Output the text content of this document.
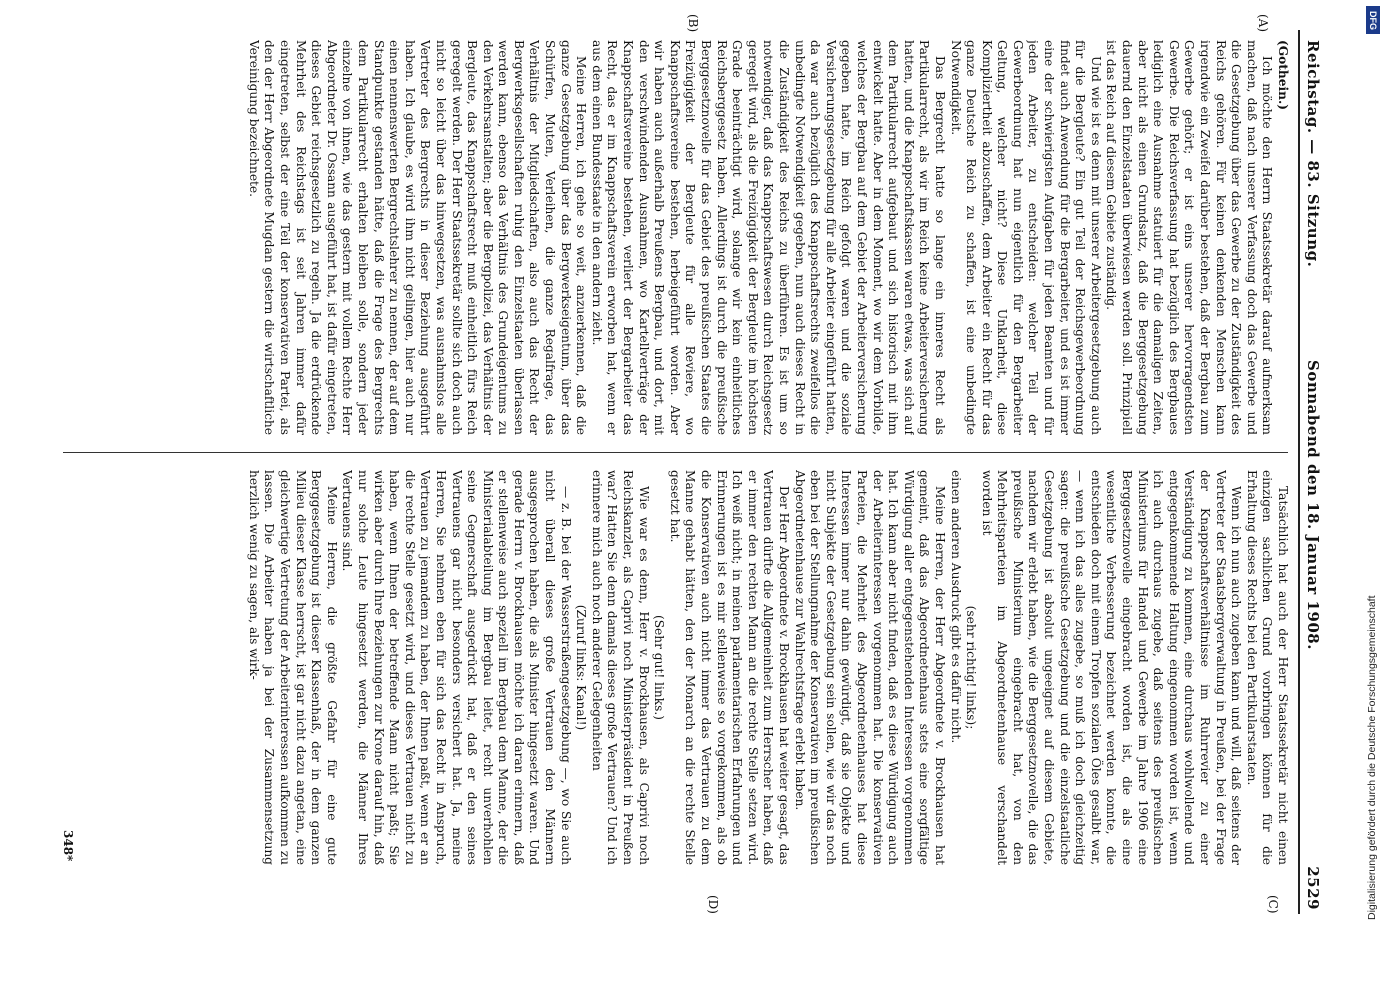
Reichstag. — 83. Sitzung.
Sonnabend den 18. Januar 1908.
2529
(A)
(B)
(C)
(D)

(Gothein.)

Ich möchte den Herrn Staatssekretär darauf aufmerksam machen, daß nach unserer Verfassung doch das Gewerbe und die Gesetzgebung über das Gewerbe zu der Zuständigkeit des Reichs gehören. Für keinen denkenden Menschen kann irgendwie ein Zweifel darüber bestehen, daß der Bergbau zum Gewerbe gehört; er ist eins unserer hervorragendsten Gewerbe. Die Reichsverfassung hat bezüglich des Bergbaues lediglich eine Ausnahme statuiert für die damaligen Zeiten, aber nicht als einen Grundsatz, daß die Berggesetzgebung dauernd den Einzelstaaten überwiesen werden soll. Prinzipiell ist das Reich auf diesem Gebiete zuständig.

Und wie ist es denn mit unserer Arbeitergesetzgebung auch für die Bergleute? Ein gut Teil der Reichsgewerbeordnung findet auch Anwendung für die Bergarbeiter, und es ist immer eine der schwierigsten Aufgaben für jeden Beamten und für jeden Arbeiter, zu entscheiden: welcher Teil der Gewerbeordnung hat nun eigentlich für den Bergarbeiter Geltung, welcher nicht? Diese Unklarheit, diese Kompliziertheit abzuschaffen, dem Arbeiter ein Recht für das ganze Deutsche Reich zu schaffen, ist eine unbedingte Notwendigkeit.

Das Bergrecht hatte so lange ein inneres Recht als Partikularrecht, als wir im Reich keine Arbeiterversicherung hatten, und die Knappschaftskassen waren etwas, was sich auf dem Partikularrecht aufgebaut und sich historisch mit ihm entwickelt hatte. Aber in dem Moment, wo wir dem Vorbilde, welches der Bergbau auf dem Gebiet der Arbeiterversicherung gegeben hatte, im Reich gefolgt waren und die soziale Versicherungsgesetzgebung für alle Arbeiter eingeführt hatten, da war auch bezüglich des Knappschaftsrechts zweifellos die unbedingte Notwendigkeit gegeben, nun auch dieses Recht in die Zuständigkeit des Reichs zu überführen. Es ist um so notwendiger, daß das Knappschaftswesen durch Reichsgesetz geregelt wird, als die Freizügigkeit der Bergleute im höchsten Grade beeinträchtigt wird, solange wir kein einheitliches Reichsberggesetz haben. Allerdings ist durch die preußische Berggesetznovelle für das Gebiet des preußischen Staates die Freizügigkeit der Bergleute für alle Reviere, wo Knappschaftsvereine bestehen, herbeigeführt worden. Aber wir haben auch außerhalb Preußens Bergbau, und dort, mit den verschwindenden Ausnahmen, wo Kartellverträge der Knappschaftsvereine bestehen, verliert der Bergarbeiter das Recht, das er im Knappschaftsverein erworben hat, wenn er aus dem einen Bundesstaate in den andern zieht.

Meine Herren, ich gehe so weit, anzuerkennen, daß die ganze Gesetzgebung über das Bergwerkseigentum, über das Schürfen, Muten, Verleihen, die ganze Regalfrage, das Verhältnis der Mitgliedschaften, also auch das Recht der Bergwerksgesellschaften ruhig den Einzelstaaten überlassen werden kann, ebenso das Verhältnis des Grundeigentums zu den Verkehrsanstalten; aber die Bergpolizei, das Verhältnis der Bergleute, das Knappschaftsrecht muß einheitlich fürs Reich geregelt werden. Der Herr Staatssekretär sollte sich doch auch nicht so leicht über das hinwegsetzen, was ausnahmslos alle Vertreter des Bergrechts in dieser Beziehung ausgeführt haben. Ich glaube, es wird ihm nicht gelingen, hier auch nur einen nennenswerten Bergrechtslehrer zu nennen, der auf dem Standpunkte gestanden hätte, daß die Frage des Bergrechts dem Partikularrecht erhalten bleiben solle, sondern jeder einzelne von ihnen, wie das gestern mit vollem Rechte Herr Abgeordneter Dr. Ossann ausgeführt hat, ist dafür eingetreten, dieses Gebiet reichsgesetzlich zu regeln. Ja die erdrückende Mehrheit des Reichstags ist seit Jahren immer dafür eingetreten, selbst der eine Teil der konservativen Partei, als den der Herr Abgeordnete Mugdan gestern die wirtschaftliche Vereinigung bezeichnete.

Tatsächlich hat auch der Herr Staatssekretär nicht einen einzigen sachlichen Grund vorbringen können für die Erhaltung dieses Rechts bei den Partikularstaaten.

Wenn ich nun auch zugeben kann und will, daß seitens der Vertreter der Staatsbergverwaltung in Preußen, bei der Frage der Knappschaftsverhältnisse im Ruhrrevier zu einer Verständigung zu kommen, eine durchaus wohlwollende und entgegenkommende Haltung eingenommen worden ist, wenn ich auch durchaus zugebe, daß seitens des preußischen Ministeriums für Handel und Gewerbe im Jahre 1906 eine Berggesetznovelle eingebracht worden ist, die als eine wesentliche Verbesserung bezeichnet werden konnte, die entschieden doch mit einem Tropfen sozialen Öles gesalbt war, — wenn ich das alles zugebe, so muß ich doch gleichzeitig sagen: die preußische Gesetzgebung und die einzelstaatliche Gesetzgebung ist absolut ungeeignet auf diesem Gebiete, nachdem wir erlebt haben, wie die Berggesetznovelle, die das preußische Ministerium eingebracht hat, von den Mehrheitsparteien im Abgeordnetenhause verschandelt worden ist

(sehr richtig! links);

einen anderen Ausdruck gibt es dafür nicht.

Meine Herren, der Herr Abgeordnete v. Brockhausen hat gemeint, daß das Abgeordnetenhaus stets eine sorgfältige Würdigung aller entgegenstehenden Interessen vorgenommen hat. Ich kann aber nicht finden, daß es diese Würdigung auch der Arbeiterinteressen vorgenommen hat. Die konservativen Parteien, die Mehrheit des Abgeordnetenhauses hat diese Interessen immer nur dahin gewürdigt, daß sie Objekte und nicht Subjekte der Gesetzgebung sein sollen, wie wir das noch eben bei der Stellungnahme der Konservativen im preußischen Abgeordnetenhause zur Wahlrechtsfrage erlebt haben.

Der Herr Abgeordnete v. Brockhausen hat weiter gesagt, das Vertrauen dürfte die Allgemeinheit zum Herrscher haben, daß er immer den rechten Mann an die rechte Stelle setzen wird. Ich weiß nicht; in meinen parlamentarischen Erfahrungen und Erinnerungen ist es mir stellenweise so vorgekommen, als ob die Konservativen auch nicht immer das Vertrauen zu dem Manne gehabt hätten, den der Monarch an die rechte Stelle gesetzt hat.

(Sehr gut! links.)

Wie war es denn, Herr v. Brockhausen, als Caprivi noch Reichskanzler, als Caprivi noch Ministerpräsident in Preußen war? Hatten Sie denn damals dieses große Vertrauen? Und ich erinnere mich auch noch anderer Gelegenheiten

(Zuruf links: Kanal!)

— z. B. bei der Wasserstraßengesetzgebung —, wo Sie auch nicht überall dieses große Vertrauen den Männern ausgesprochen haben, die als Minister hingesetzt waren. Und gerade Herrn v. Brockhausen möchte ich daran erinnern, daß er stellenweise auch speziell im Bergbau dem Manne, der die Ministerialabteilung im Bergbau leitet, recht unverhohlen seine Gegnerschaft ausgedrückt hat, daß er den seines Vertrauens gar nicht besonders versichert hat. Ja, meine Herren, Sie nehmen eben für sich das Recht in Anspruch, Vertrauen zu jemandem zu haben, der Ihnen paßt, wenn er an die rechte Stelle gesetzt wird, und dieses Vertrauen nicht zu haben, wenn Ihnen der betreffende Mann nicht paßt; Sie wirken aber durch Ihre Beziehungen zur Krone darauf hin, daß nur solche Leute hingesetzt werden, die Männer Ihres Vertrauens sind.

Meine Herren, die größte Gefahr für eine gute Berggesetzgebung ist dieser Klassenhaß, der in dem ganzen Milieu dieser Klasse herrscht, ist gar nicht dazu angetan, eine gleichwertige Vertretung der Arbeiterinteressen aufkommen zu lassen. Die Arbeiter haben ja bei der Zusammensetzung herzlich wenig zu sagen, als wirk-

348*	Digitalisierung gefördert durch die Deutsche Forschungsgemeinschaft
DFG
